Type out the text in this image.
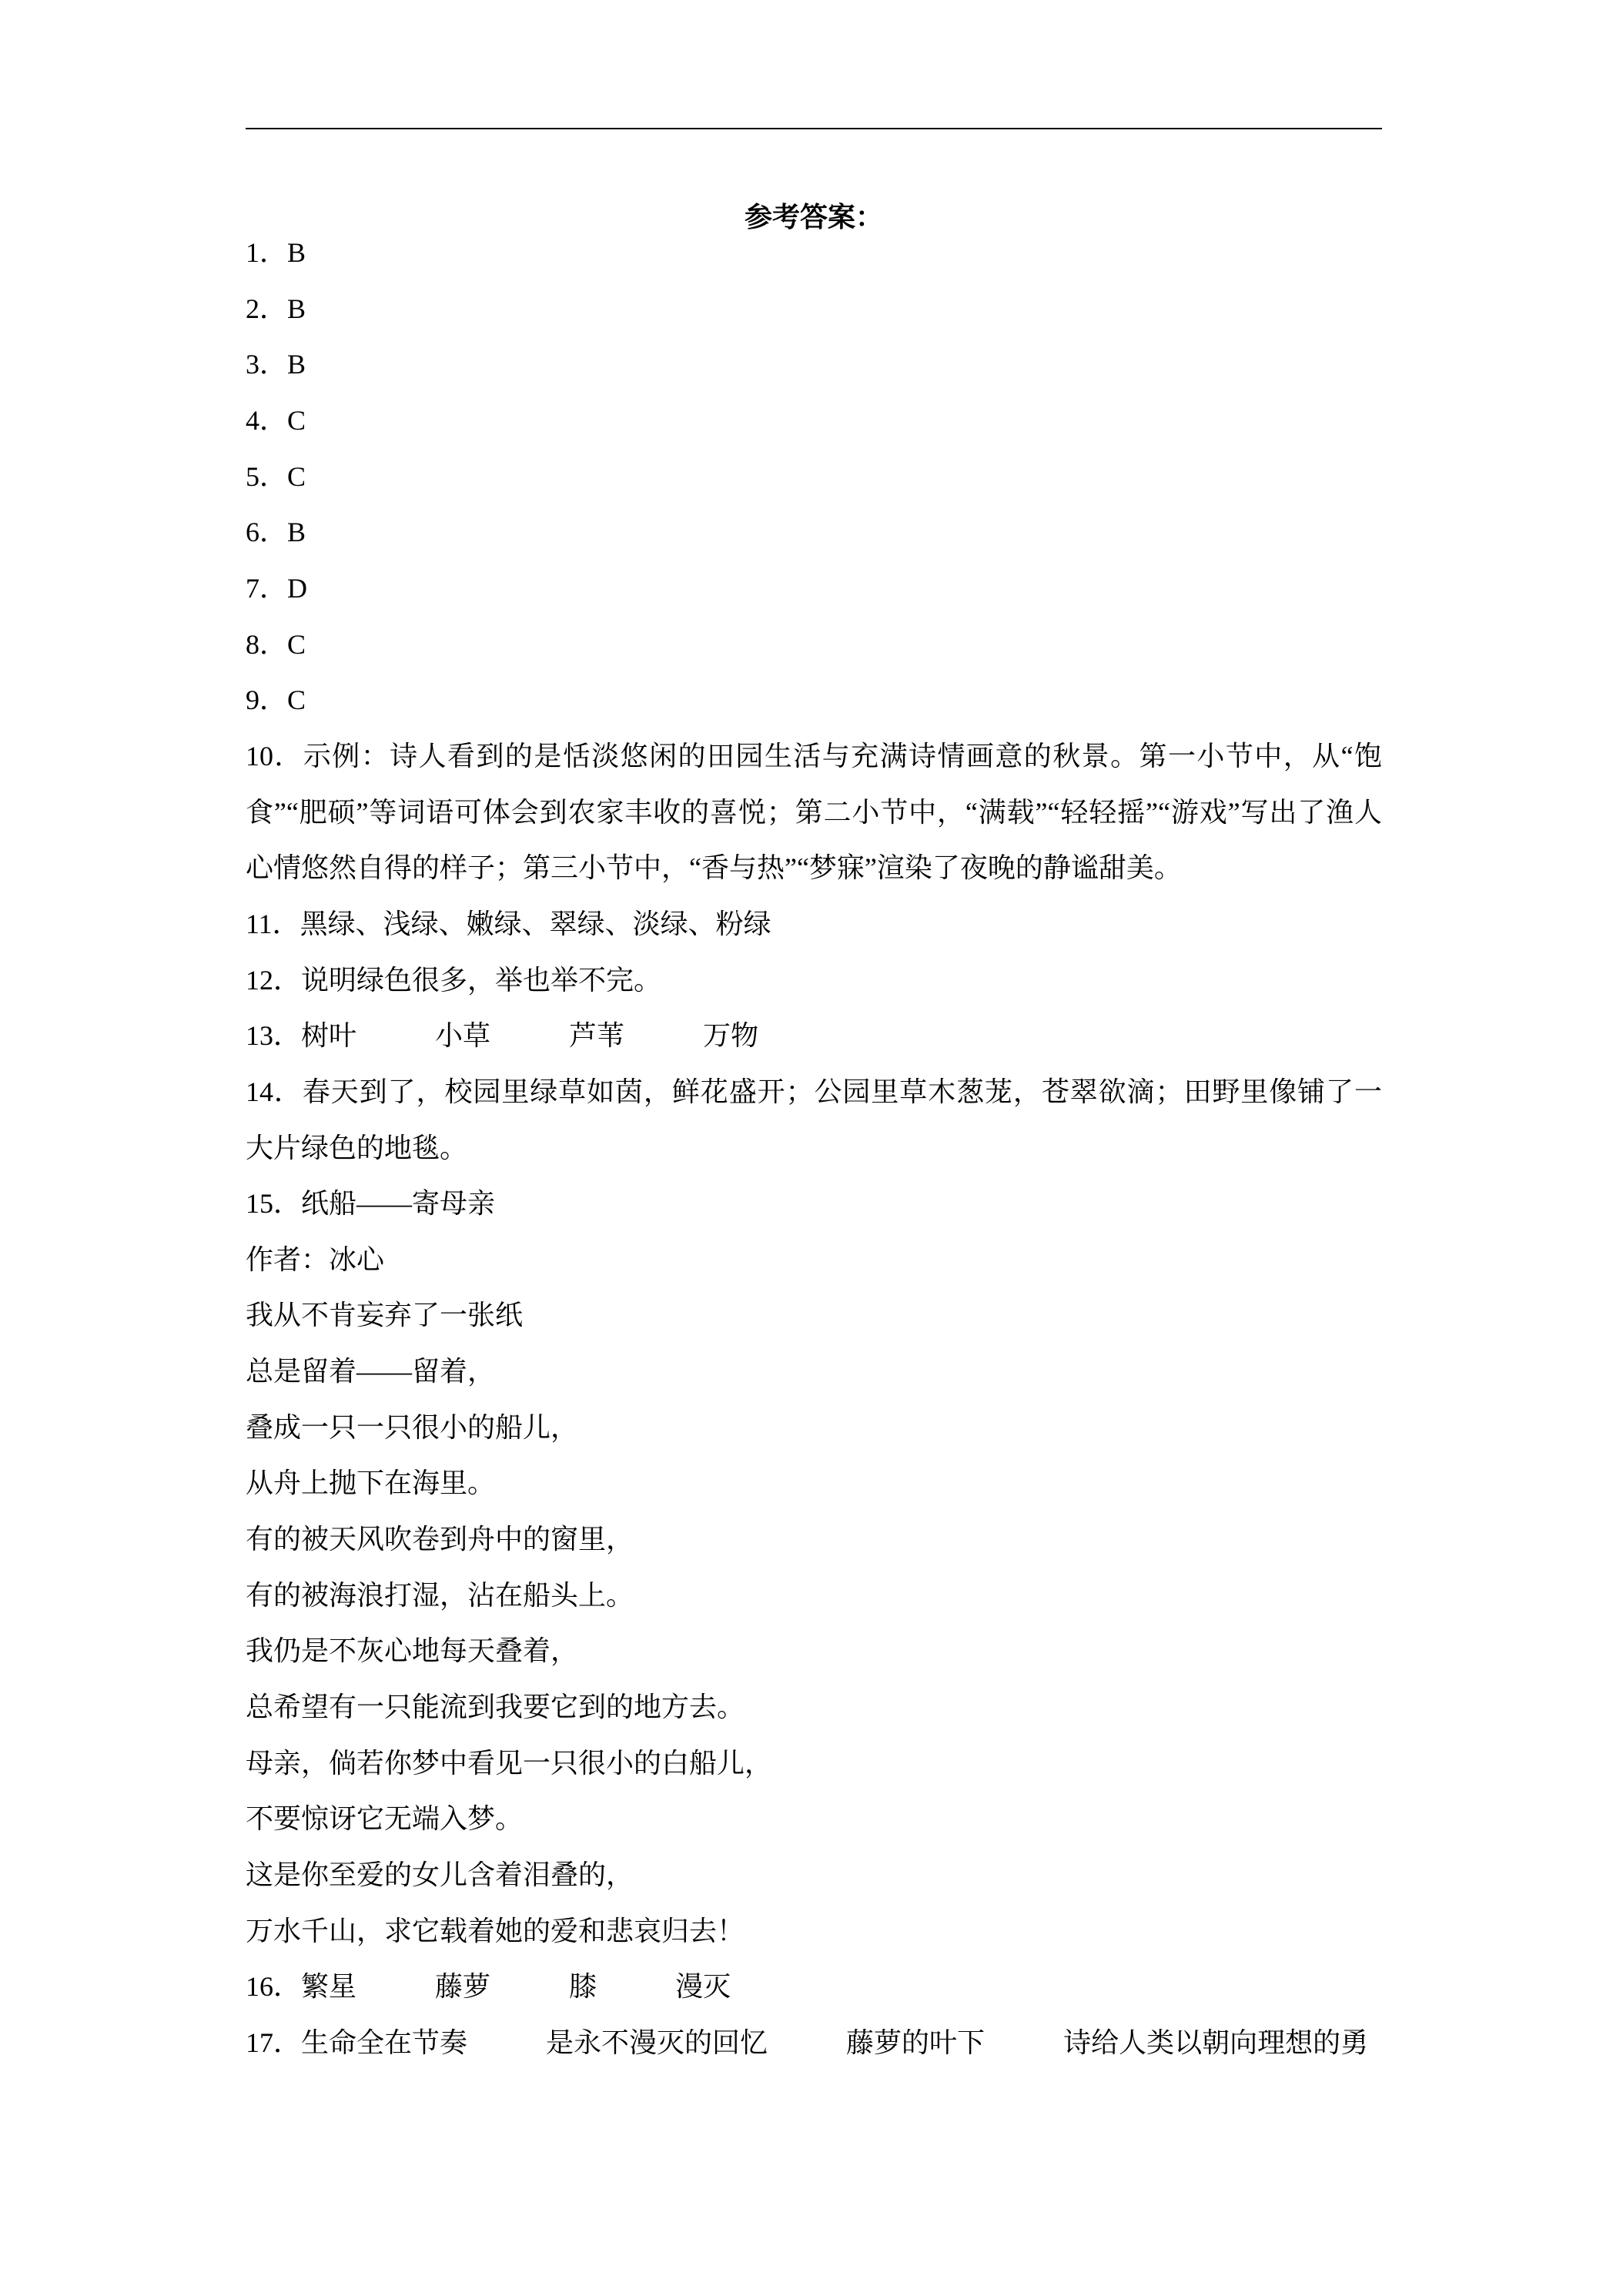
参考答案：
1．B
2．B
3．B
4．C
5．C
6．B
7．D
8．C
9．C
10．示例：诗人看到的是恬淡悠闲的田园生活与充满诗情画意的秋景。第一小节中，从“饱
食”“肥硕”等词语可体会到农家丰收的喜悦；第二小节中，“满载”“轻轻摇”“游戏”写出了渔人
心情悠然自得的样子；第三小节中，“香与热”“梦寐”渲染了夜晚的静谧甜美。
11．黑绿、浅绿、嫩绿、翠绿、淡绿、粉绿
12．说明绿色很多，举也举不完。
13．树叶	小草	芦苇	万物
14．春天到了，校园里绿草如茵，鲜花盛开；公园里草木葱茏，苍翠欲滴；田野里像铺了一
大片绿色的地毯。
15．纸船——寄母亲
作者：冰心
我从不肯妄弃了一张纸
总是留着——留着，
叠成一只一只很小的船儿，
从舟上抛下在海里。
有的被天风吹卷到舟中的窗里，
有的被海浪打湿，沾在船头上。
我仍是不灰心地每天叠着，
总希望有一只能流到我要它到的地方去。
母亲，倘若你梦中看见一只很小的白船儿，
不要惊讶它无端入梦。
这是你至爱的女儿含着泪叠的，
万水千山，求它载着她的爱和悲哀归去！
16．繁星	藤萝	膝	漫灭
17．生命全在节奏	是永不漫灭的回忆	藤萝的叶下	诗给人类以朝向理想的勇
